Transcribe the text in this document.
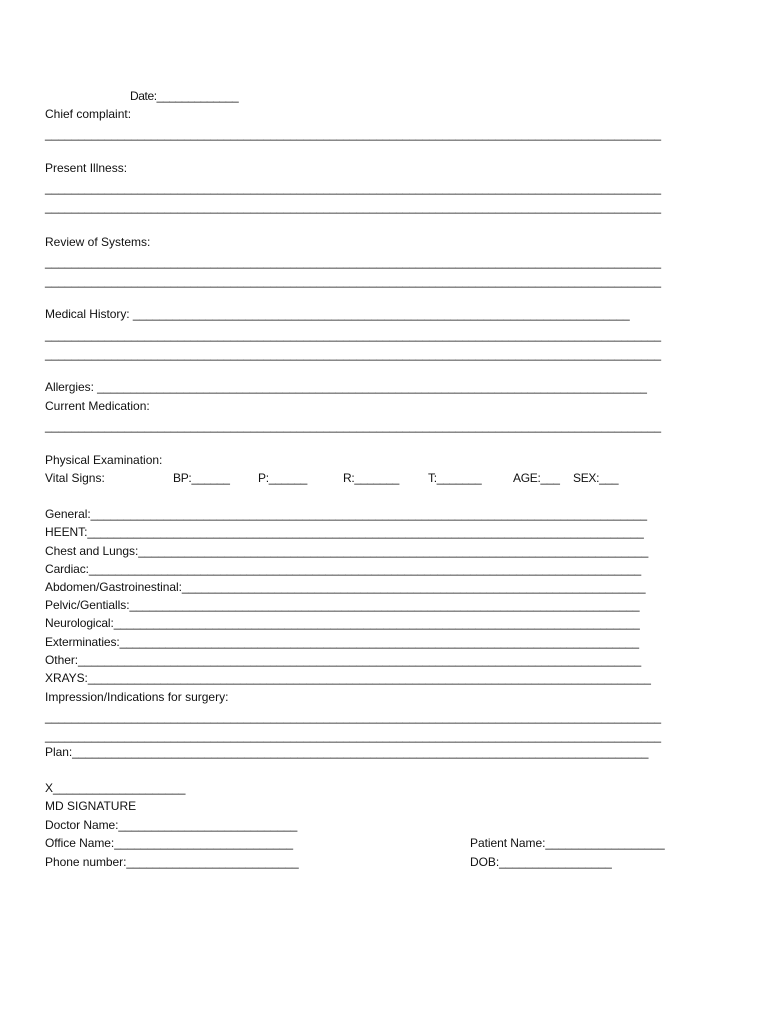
Date:_____________
Chief complaint:
_____________________________________________________________________________________________
Present Illness:
_____________________________________________________________________________________________
_____________________________________________________________________________________________
Review of Systems:
_____________________________________________________________________________________________
_____________________________________________________________________________________________
Medical History: ___________________________________________________________________________
_____________________________________________________________________________________________
_____________________________________________________________________________________________
Allergies: ___________________________________________________________________________________
Current Medication:
_____________________________________________________________________________________________
Physical Examination:
Vital Signs:	BP:______ P:______	R:_______ T:_______	AGE:___ SEX:___
General:____________________________________________________________________________________
HEENT:____________________________________________________________________________________
Chest and Lungs:_____________________________________________________________________________
Cardiac:____________________________________________________________________________________
Abdomen/Gastroinestinal:______________________________________________________________________
Pelvic/Gentialls:_____________________________________________________________________________
Neurological:________________________________________________________________________________
Exterminaties:_______________________________________________________________________________
Other:_____________________________________________________________________________________
XRAYS:_____________________________________________________________________________________
Impression/Indications for surgery:
_____________________________________________________________________________________________
_____________________________________________________________________________________________
Plan:_______________________________________________________________________________________
X____________________
MD SIGNATURE
Doctor Name:___________________________
Office Name:___________________________
Phone number:__________________________
Patient Name:__________________
DOB:_________________
